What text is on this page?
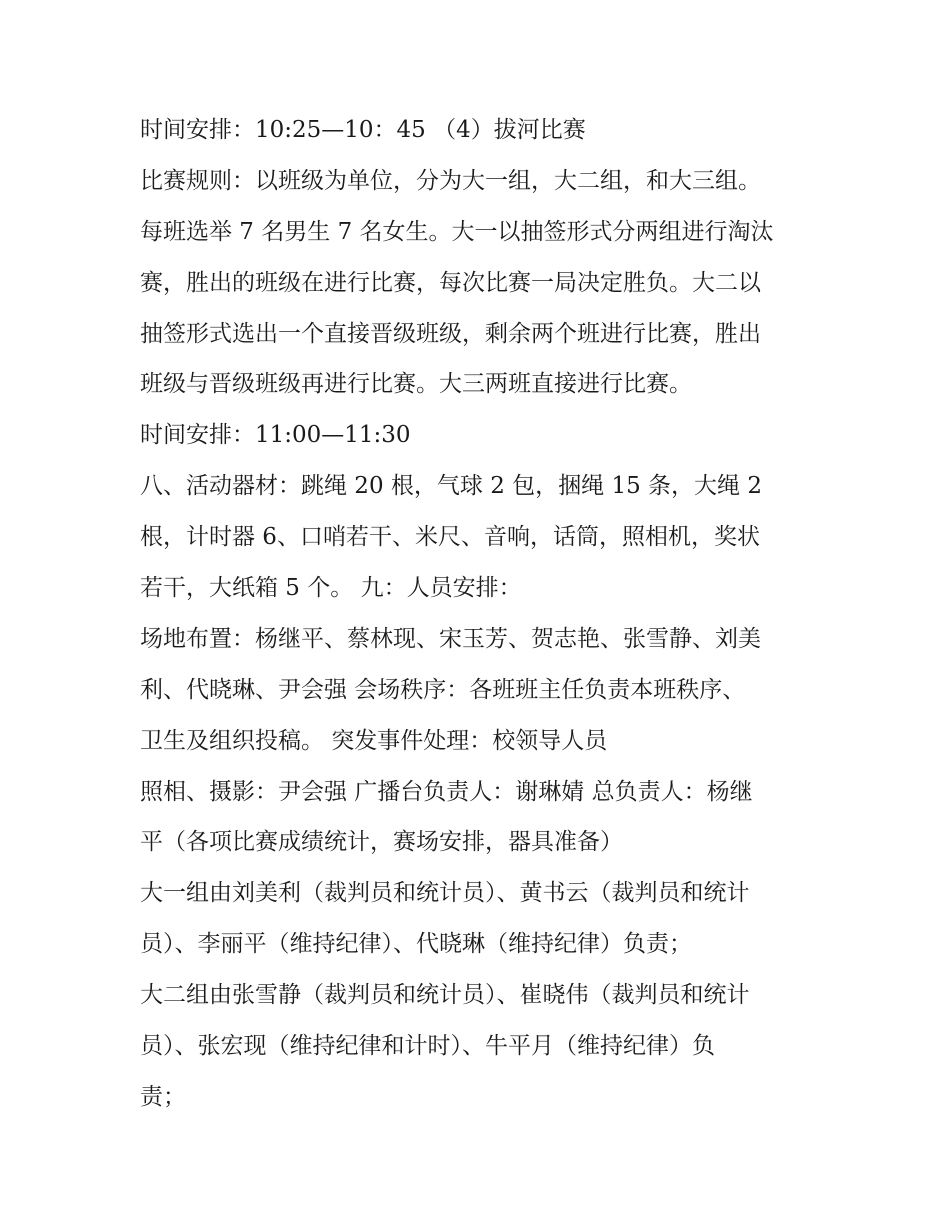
时间安排：10:25—10：45 （4）拔河比赛
比赛规则：以班级为单位，分为大一组，大二组，和大三组。
每班选举 7 名男生 7 名女生。大一以抽签形式分两组进行淘汰
赛，胜出的班级在进行比赛，每次比赛一局决定胜负。大二以
抽签形式选出一个直接晋级班级，剩余两个班进行比赛，胜出
班级与晋级班级再进行比赛。大三两班直接进行比赛。
时间安排：11:00—11:30
八、活动器材：跳绳 20 根，气球 2 包，捆绳 15 条，大绳 2
根，计时器 6、口哨若干、米尺、音响，话筒，照相机，奖状
若干，大纸箱 5 个。 九：人员安排：
场地布置：杨继平、蔡林现、宋玉芳、贺志艳、张雪静、刘美
利、代晓琳、尹会强 会场秩序：各班班主任负责本班秩序、
卫生及组织投稿。 突发事件处理：校领导人员
照相、摄影：尹会强 广播台负责人：谢琳婧 总负责人：杨继
平（各项比赛成绩统计，赛场安排，器具准备）
大一组由刘美利（裁判员和统计员）、黄书云（裁判员和统计
员）、李丽平（维持纪律）、代晓琳（维持纪律）负责；
大二组由张雪静（裁判员和统计员）、崔晓伟（裁判员和统计
员）、张宏现（维持纪律和计时）、牛平月（维持纪律）负
责；
